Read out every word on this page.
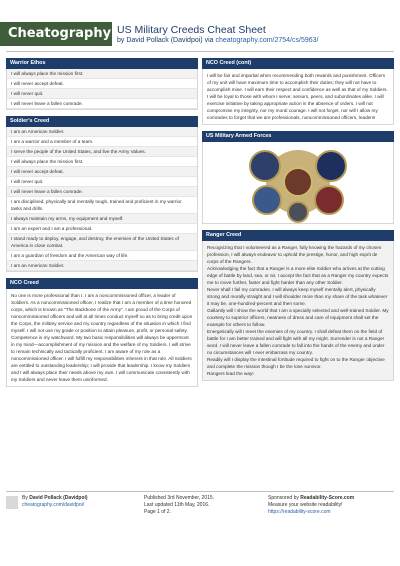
Cheatography US Military Creeds Cheat Sheet
by David Pollack (Davidpoi) via cheatography.com/2754/cs/5963/
Warrior Ethos
I will always place the mission first.
I will never accept defeat.
I will never quit.
I will never leave a fallen comrade.
Soldier's Creed
I am an American Soldier.
I am a warrior and a member of a team.
I serve the people of the United States, and live the Army Values.
I will always place the mission first.
I will never accept defeat.
I will never quit.
I will never leave a fallen comrade.
I am disciplined, physically and mentally tough, trained and proficient in my warrior tasks and drills.
I always maintain my arms, my equipment and myself.
I am an expert and I am a professional.
I stand ready to deploy, engage, and destroy, the enemies of the United States of America in close combat.
I am a guardian of freedom and the American way of life.
I am an American Soldier.
NCO Creed
No one is more professional than I. I am a noncommissioned officer, a leader of Soldiers. As a noncommissioned officer, I realize that I am a member of a time honored corps, which is known as "The Backbone of the Army". I am proud of the Corps of noncommissioned officers and will at all times conduct myself so as to bring credit upon the Corps, the military service and my country regardless of the situation in which I find myself. I will not use my grade or position to attain pleasure, profit, or personal safety. Competence is my watchword. My two basic responsibilities will always be uppermost in my mind—accomplishment of my mission and the welfare of my Soldiers. I will strive to remain technically and tactically proficient. I am aware of my role as a noncommissioned officer. I will fulfill my responsibilities inherent in that role. All Soldiers are entitled to outstanding leadership; I will provide that leadership. I know my Soldiers and I will always place their needs above my own. I will communicate consistently with my Soldiers and never leave them uninformed.
NCO Creed (cont)
I will be fair and impartial when recommending both rewards and punishment. Officers of my unit will have maximum time to accomplish their duties; they will not have to accomplish mine. I will earn their respect and confidence as well as that of my Soldiers. I will be loyal to those with whom I serve; seniors, peers, and subordinates alike. I will exercise initiative by taking appropriate action in the absence of orders. I will not compromise my integrity, nor my moral courage. I will not forget, nor will I allow my comrades to forget that we are professionals, noncommissioned officers, leaders!
US Military Armed Forces
Ranger Creed

Recognizing that I volunteered as a Ranger, fully knowing the hazards of my chosen profession, I will always endeavor to uphold the prestige, honor, and high esprit de corps of the Rangers.

Acknowledging the fact that a Ranger is a more elite Soldier who arrives at the cutting edge of battle by land, sea, or air, I accept the fact that as a Ranger my country expects me to move further, faster and fight harder than any other Soldier.

Never shall I fail my comrades. I will always keep myself mentally alert, physically strong and morally straight and I will shoulder more than my share of the task whatever it may be, one-hundred-percent and then some.

Gallantly will I show the world that I am a specially selected and well-trained Soldier. My courtesy to superior officers, neatness of dress and care of equipment shall set the example for others to follow.

Energetically will I meet the enemies of my country. I shall defeat them on the field of battle for I am better trained and will fight with all my might. Surrender is not a Ranger word. I will never leave a fallen comrade to fall into the hands of the enemy and under no circumstances will I ever embarrass my country.

Readily will I display the intestinal fortitude required to fight on to the Ranger objective and complete the mission though I be the lone survivor.

Rangers lead the way!

By David Pollack (Davidpoi)
cheatography.com/davidpoi/
Published 3rd November, 2015.
Last updated 11th May, 2016.
Page 1 of 2.
Sponsored by Readability-Score.com
Measure your website readability!
https://readability-score.com
